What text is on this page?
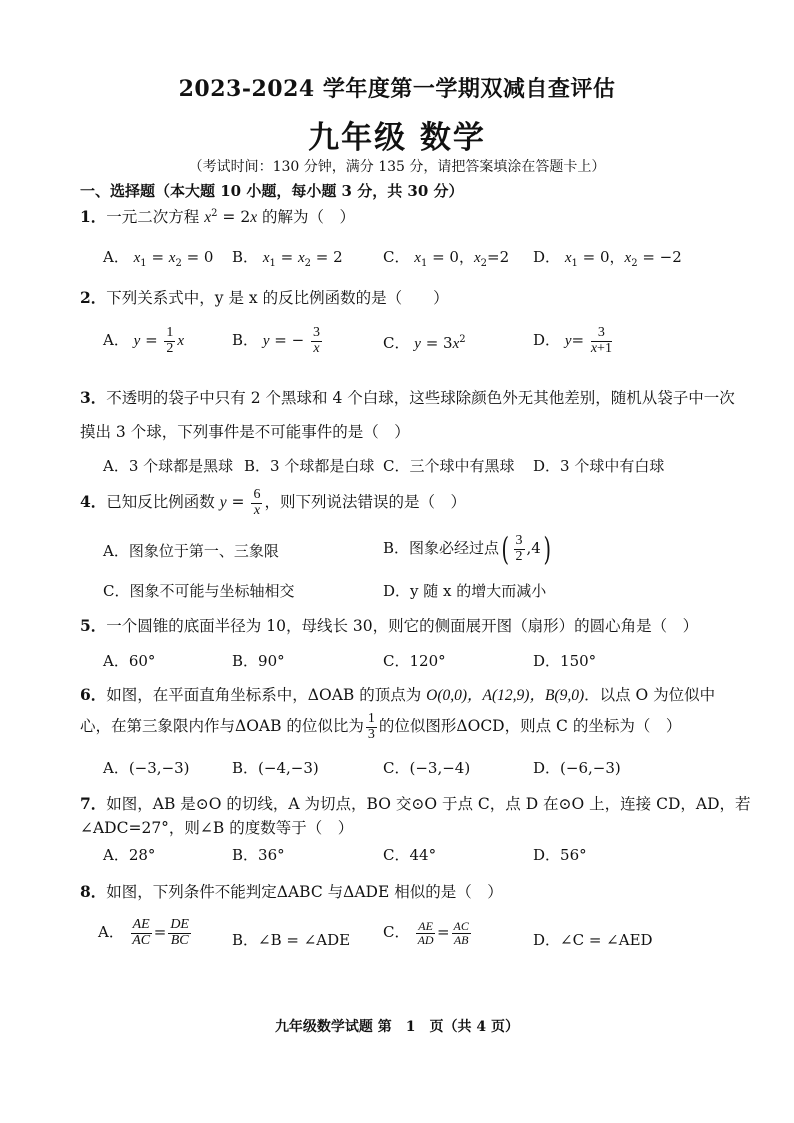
2023-2024 学年度第一学期双减自查评估
九年级 数学
（考试时间：130 分钟，满分 135 分，请把答案填涂在答题卡上）
一、选择题（本大题 10 小题，每小题 3 分，共 30 分）
1．一元二次方程 $x^2 = 2x$ 的解为（　）
A． $x_1 = x_2 = 0$ B． $x_1 = x_2 = 2$	C． $x_1 = 0$，$x_2=2$ D． $x_1 = 0$，$x_2 = -2$
2．下列关系式中，y 是 x 的反比例函数的是（　　）
A． $y = \frac{1}{2}$ x	B． y = − $\frac{3}{x}$	C． $y = 3x^2$	D． $y= \frac{3}{x+1}$
3．不透明的袋子中只有 2 个黑球和 4 个白球，这些球除颜色外无其他差别，随机从袋子中一次
摸出 3 个球，下列事件是不可能事件的是（　）
A．3 个球都是黑球 B．3 个球都是白球 C．三个球中有黑球 D．3 个球中有白球
4．已知反比例函数 $y = \frac{6}{x}$ ，则下列说法错误的是（　）
A．图象位于第一、三象限	B．图象必经过点( $\frac{3}{2} ,4$)
C．图象不可能与坐标轴相交	D．y 随 x 的增大而减小
5．一个圆锥的底面半径为 10，母线长 30，则它的侧面展开图（扇形）的圆心角是（　）
A．60°	B．90°	C．120°	D．150°
6．如图，在平面直角坐标系中，ΔOAB 的顶点为 O(0,0)，A(12,9)，B(9,0)．以点 O 为位似中
心，在第三象限内作与ΔOAB 的位似比为 $\frac{1}{3}$ 的位似图形ΔOCD，则点 C 的坐标为（　）
A．(−3,−3)	B．(−4,−3)	C．(−3,−4)	D．(−6,−3)
7．如图，AB 是⊙O 的切线，A 为切点，BO 交⊙O 于点 C，点 D 在⊙O 上，连接 CD，AD，若
∠ADC=27°，则∠B 的度数等于（　）
A．28°	B．36°	C．44°	D．56°
8．如图，下列条件不能判定ΔABC 与ΔADE 相似的是（　）
A． $\frac{AE}{AC} = \frac{DE}{BC}$	B．∠B = ∠ADE C． $\frac{AE}{AD} = \frac{AC}{AB}$	D．∠C = ∠AED
九年级数学试题 第　1　页（共 4 页）
